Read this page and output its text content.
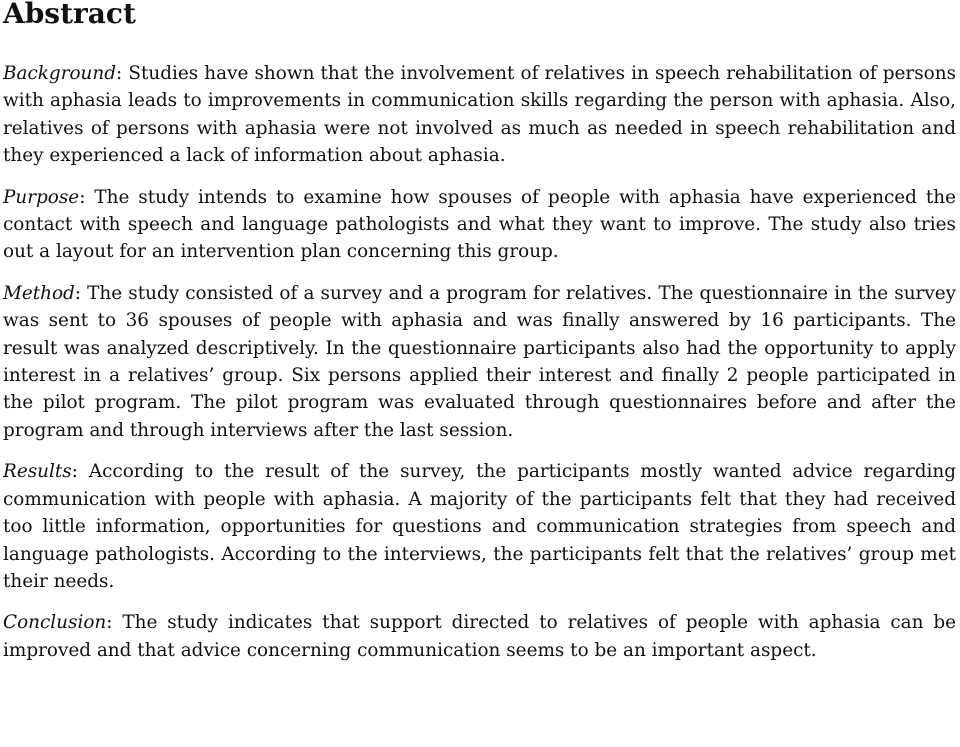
Abstract

Background: Studies have shown that the involvement of relatives in speech rehabilitation of persons with aphasia leads to improvements in communication skills regarding the person with aphasia. Also, relatives of persons with aphasia were not involved as much as needed in speech rehabilitation and they experienced a lack of information about aphasia.

Purpose: The study intends to examine how spouses of people with aphasia have experienced the contact with speech and language pathologists and what they want to improve. The study also tries out a layout for an intervention plan concerning this group.

Method: The study consisted of a survey and a program for relatives. The questionnaire in the survey was sent to 36 spouses of people with aphasia and was finally answered by 16 participants. The result was analyzed descriptively. In the questionnaire participants also had the opportunity to apply interest in a relatives’ group. Six persons applied their interest and finally 2 people participated in the pilot program. The pilot program was evaluated through questionnaires before and after the program and through interviews after the last session.

Results: According to the result of the survey, the participants mostly wanted advice regarding communication with people with aphasia. A majority of the participants felt that they had received too little information, opportunities for questions and communication strategies from speech and language pathologists. According to the interviews, the participants felt that the relatives’ group met their needs.

Conclusion: The study indicates that support directed to relatives of people with aphasia can be improved and that advice concerning communication seems to be an important aspect.
